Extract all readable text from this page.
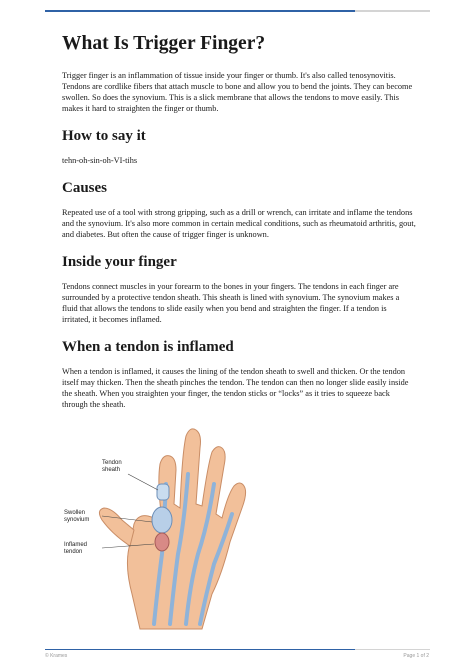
What Is Trigger Finger?

Trigger finger is an inflammation of tissue inside your finger or thumb. It's also called tenosynovitis. Tendons are cordlike fibers that attach muscle to bone and allow you to bend the joints. They can become swollen. So does the synovium. This is a slick membrane that allows the tendons to move easily. This makes it hard to straighten the finger or thumb.

How to say it

tehn-oh-sin-oh-VI-tihs

Causes

Repeated use of a tool with strong gripping, such as a drill or wrench, can irritate and inflame the tendons and the synovium. It's also more common in certain medical conditions, such as rheumatoid arthritis, gout, and diabetes. But often the cause of trigger finger is unknown.

Inside your finger

Tendons connect muscles in your forearm to the bones in your fingers. The tendons in each finger are surrounded by a protective tendon sheath. This sheath is lined with synovium. The synovium makes a fluid that allows the tendons to slide easily when you bend and straighten the finger. If a tendon is irritated, it becomes inflamed.

When a tendon is inflamed

When a tendon is inflamed, it causes the lining of the tendon sheath to swell and thicken. Or the tendon itself may thicken. Then the sheath pinches the tendon. The tendon can then no longer slide easily inside the sheath. When you straighten your finger, the tendon sticks or “locks” as it tries to squeeze back through the sheath.

Tendon
sheath
Swollen
synovium
Inflamed
tendon
© Krames	Page 1 of 2
